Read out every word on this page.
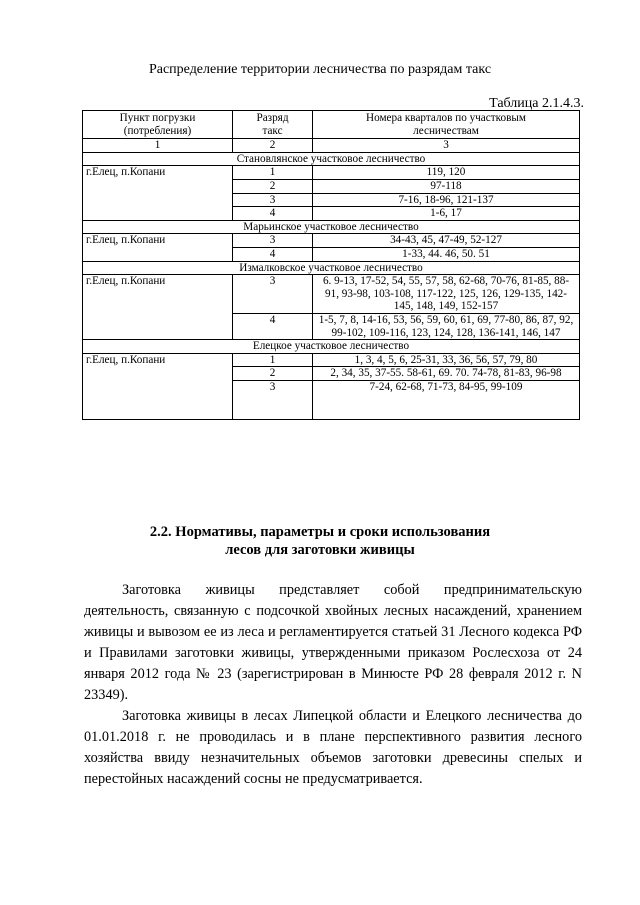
Распределение территории лесничества по разрядам такс
Таблица 2.1.4.3.
Пункт погрузки (потребления)	Разряд такс	Номера кварталов по участковым лесничествам
1	2	3
Становлянское участковое лесничество		
г.Елец, п.Копани	1	119, 120
	2	97-118
	3	7-16, 18-96, 121-137
	4	1-6, 17
Марьинское участковое лесничество		
г.Елец, п.Копани	3	34-43, 45, 47-49, 52-127
	4	1-33, 44. 46, 50. 51
Измалковское участковое лесничество		
г.Елец, п.Копани	3	6. 9-13, 17-52, 54, 55, 57, 58, 62-68, 70-76, 81-85, 88-91, 93-98, 103-108, 117-122, 125, 126, 129-135, 142-145, 148, 149, 152-157
	4	1-5, 7, 8, 14-16, 53, 56, 59, 60, 61, 69, 77-80, 86, 87, 92, 99-102, 109-116, 123, 124, 128, 136-141, 146, 147
Елецкое участковое лесничество		
г.Елец, п.Копани	1	1, 3, 4, 5, 6, 25-31, 33, 36, 56, 57, 79, 80
	2	2, 34, 35, 37-55. 58-61, 69. 70. 74-78, 81-83, 96-98
	3	7-24, 62-68, 71-73, 84-95, 99-109
2.2. Нормативы, параметры и сроки использования
лесов для заготовки живицы

Заготовка живицы представляет собой предпринимательскую деятельность, связанную с подсочкой хвойных лесных насаждений, хранением живицы и вывозом ее из леса и регламентируется статьей 31 Лесного кодекса РФ и Правилами заготовки живицы, утвержденными приказом Рослесхоза от 24 января 2012 года № 23 (зарегистрирован в Минюсте РФ 28 февраля 2012 г. N 23349).

Заготовка живицы в лесах Липецкой области и Елецкого лесничества до 01.01.2018 г. не проводилась и в плане перспективного развития лесного хозяйства ввиду незначительных объемов заготовки древесины спелых и перестойных насаждений сосны не предусматривается.
